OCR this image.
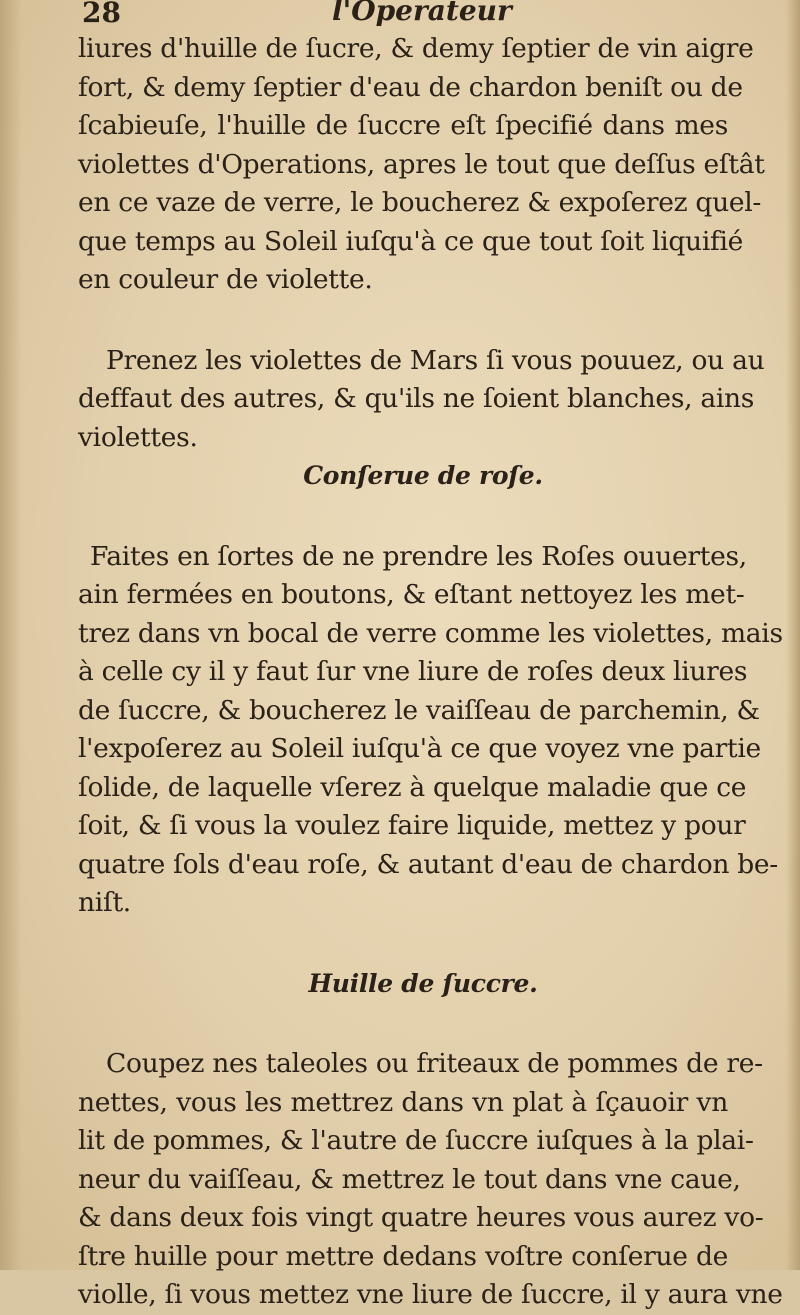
28	l'Operateur
liures d'huille de ſucre, & demy ſeptier de vin aigre
fort, & demy ſeptier d'eau de chardon beniſt ou de
ſcabieuſe, l'huille de ſuccre eſt ſpecifié dans mes
violettes d'Operations, apres le tout que deſſus eſtât
en ce vaze de verre, le boucherez & expoſerez quel-
que temps au Soleil iuſqu'à ce que tout ſoit liquifié
en couleur de violette.
Prenez les violettes de Mars ſi vous pouuez, ou au
deffaut des autres, & qu'ils ne ſoient blanches, ains
violettes.
Conſerue de roſe.
Faites en ſortes de ne prendre les Roſes ouuertes,
ain fermées en boutons, & eſtant nettoyez les met-
trez dans vn bocal de verre comme les violettes, mais
à celle cy il y faut ſur vne liure de roſes deux liures
de ſuccre, & boucherez le vaiſſeau de parchemin, &
l'expoſerez au Soleil iuſqu'à ce que voyez vne partie
ſolide, de laquelle vſerez à quelque maladie que ce
ſoit, & ſi vous la voulez faire liquide, mettez y pour
quatre ſols d'eau roſe, & autant d'eau de chardon be-
niſt.
Huille de ſuccre.
Coupez nes taleoles ou friteaux de pommes de re-
nettes, vous les mettrez dans vn plat à ſçauoir vn
lit de pommes, & l'autre de ſuccre iuſques à la plai-
neur du vaiſſeau, & mettrez le tout dans vne caue,
& dans deux fois vingt quatre heures vous aurez vo-
ſtre huille pour mettre dedans voſtre conſerue de
violle, ſi vous mettez vne liure de ſuccre, il y aura vne
